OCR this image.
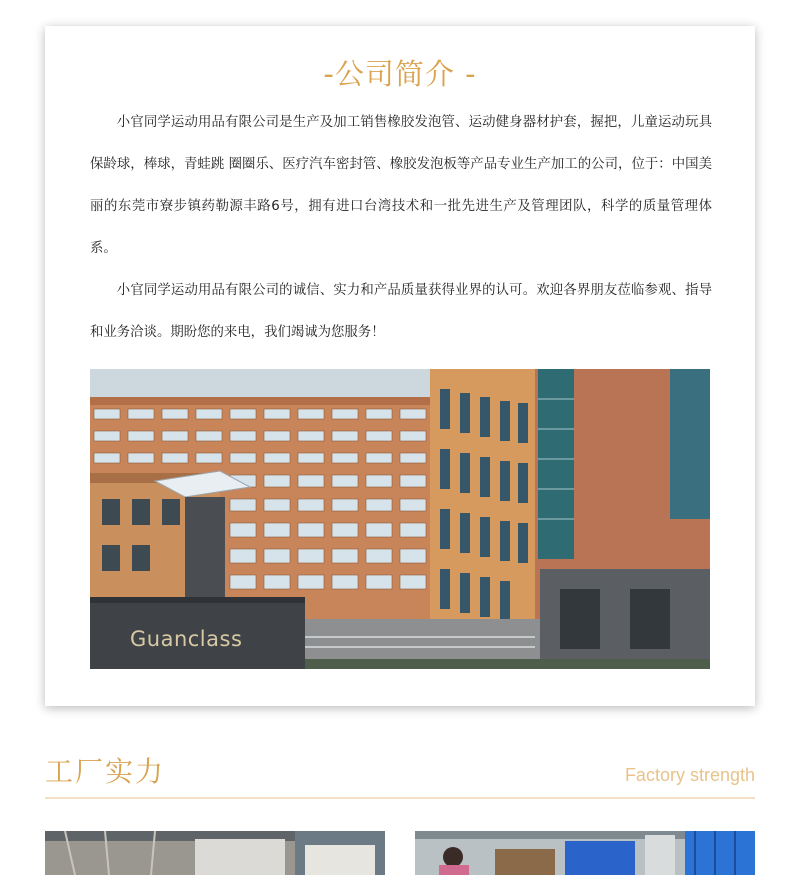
-公司简介 -

小官同学运动用品有限公司是生产及加工销售橡胶发泡管、运动健身器材护套，握把，儿童运动玩具保龄球，棒球，青蛙跳 圈圈乐、医疗汽车密封管、橡胶发泡板等产品专业生产加工的公司，位于：中国美丽的东莞市寮步镇药勒源丰路6号，拥有进口台湾技术和一批先进生产及管理团队，科学的质量管理体系。

小官同学运动用品有限公司的诚信、实力和产品质量获得业界的认可。欢迎各界朋友莅临参观、指导和业务洽谈。期盼您的来电，我们竭诚为您服务！

Guanclass
工厂实力	Factory strength
